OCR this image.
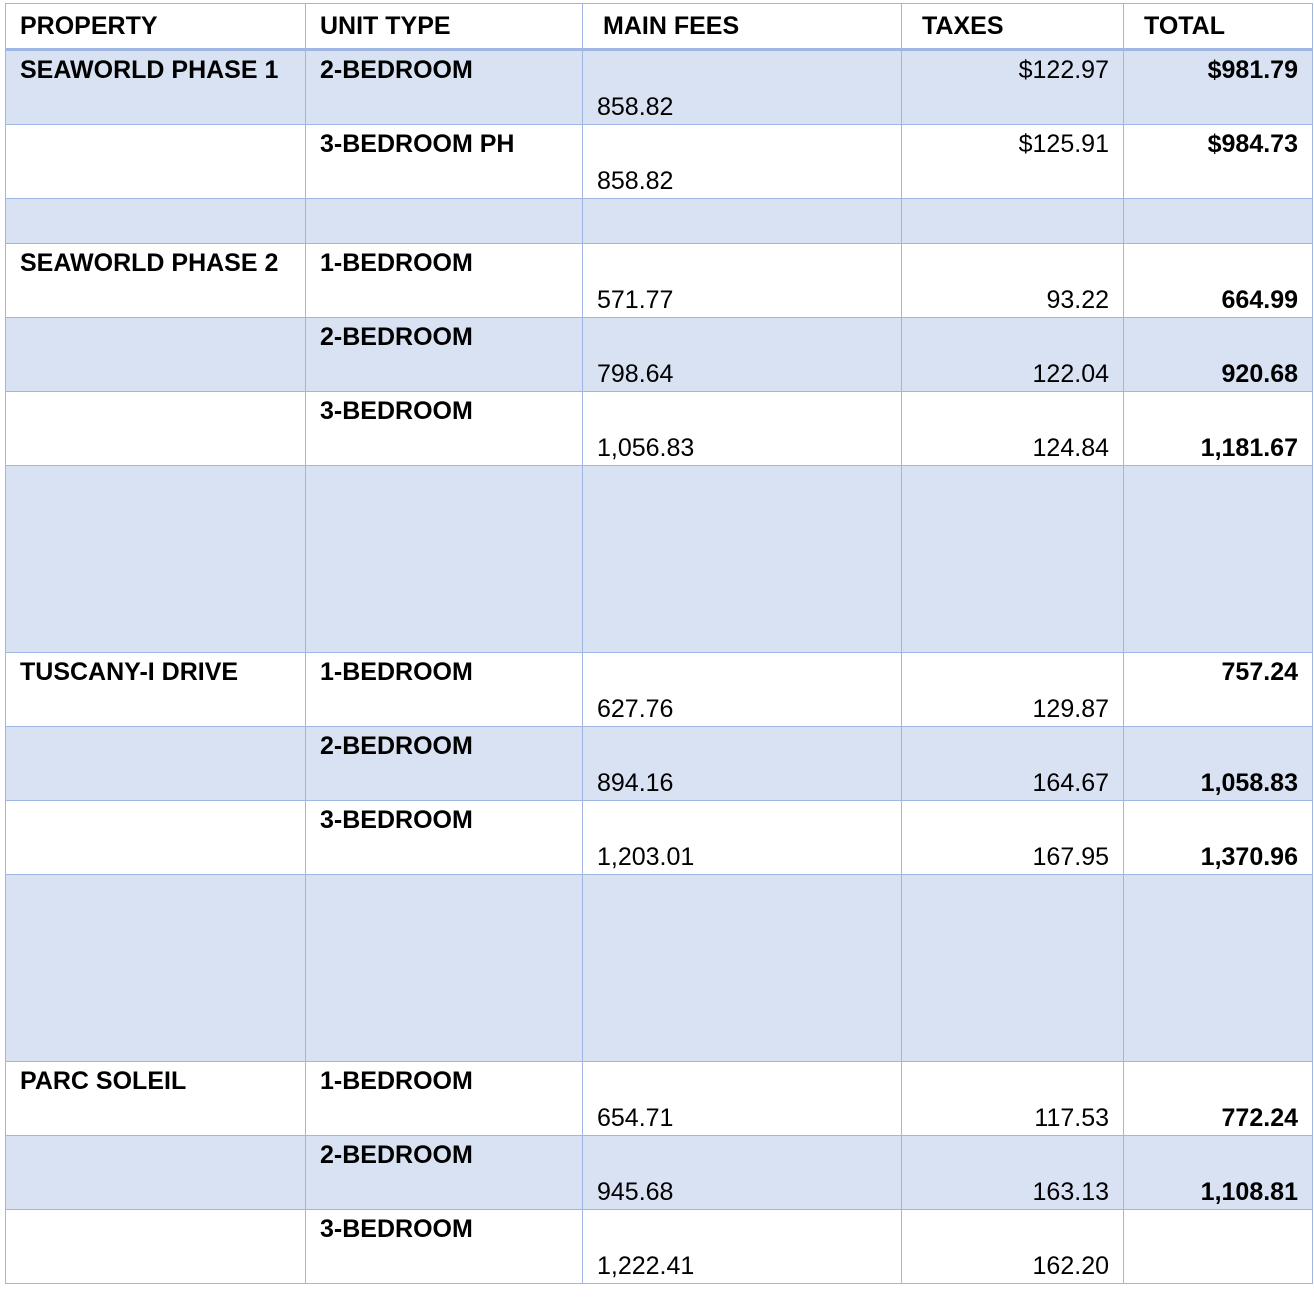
PROPERTY	UNIT TYPE	MAIN FEES	TAXES	TOTAL
SEAWORLD PHASE 1	2-BEDROOM	858.82	$122.97	$981.79
	3-BEDROOM PH	858.82	$125.91	$984.73

SEAWORLD PHASE 2	1-BEDROOM	571.77	93.22	664.99
	2-BEDROOM	798.64	122.04	920.68
	3-BEDROOM	1,056.83	124.84	1,181.67

TUSCANY-I DRIVE	1-BEDROOM	627.76	129.87	757.24
	2-BEDROOM	894.16	164.67	1,058.83
	3-BEDROOM	1,203.01	167.95	1,370.96

PARC SOLEIL	1-BEDROOM	654.71	117.53	772.24
	2-BEDROOM	945.68	163.13	1,108.81
	3-BEDROOM	1,222.41	162.20	
